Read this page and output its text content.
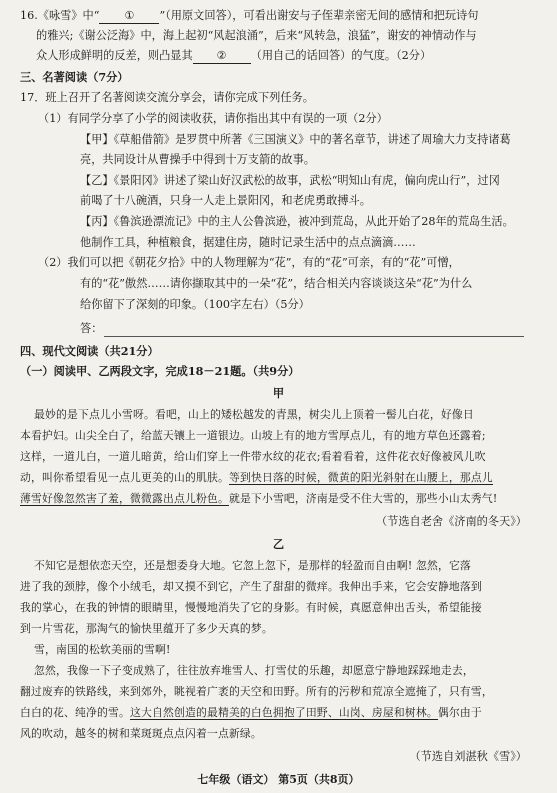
16.《咏雪》中“ ① ”（用原文回答），可看出谢安与子侄辈亲密无间的感情和把玩诗句
的雅兴;《谢公泛海》中，海上起初“风起浪涌”，后来“风转急，浪猛”，谢安的神情动作与
众人形成鲜明的反差，则凸显其 ② （用自己的话回答）的气度。（2分）
三、名著阅读（7分）
17．班上召开了名著阅读交流分享会，请你完成下列任务。
（1）有同学分享了小学的阅读收获，请你指出其中有误的一项（2分）
【甲】《草船借箭》是罗贯中所著《三国演义》中的著名章节，讲述了周瑜大力支持诸葛
亮，共同设计从曹操手中得到十万支箭的故事。
【乙】《景阳冈》讲述了梁山好汉武松的故事，武松“明知山有虎，偏向虎山行”，过冈
前喝了十八碗酒，只身一人走上景阳冈，和老虎勇敢搏斗。
【丙】《鲁滨逊漂流记》中的主人公鲁滨逊，被冲到荒岛，从此开始了28年的荒岛生活。
他制作工具，种植粮食，据建住房，随时记录生活中的点点滴滴……
（2）我们可以把《朝花夕拾》中的人物理解为“花”，有的“花”可亲，有的“花”可憎，
有的“花”傲然……请你撷取其中的一朵“花”，结合相关内容谈谈这朵“花”为什么
给你留下了深刻的印象。（100字左右）（5分）
答：
四、现代文阅读（共21分）
（一）阅读甲、乙两段文字，完成18－21题。（共9分）
甲
最妙的是下点儿小雪呀。看吧，山上的矮松越发的青黑，树尖儿上顶着一髻儿白花，好像日
本看护妇。山尖全白了，给蓝天镶上一道银边。山坡上有的地方雪厚点儿，有的地方草色还露着;
这样，一道儿白，一道儿暗黄，给山们穿上一件带水纹的花衣;看着看着，这件花衣好像被风儿吹
动，叫你希望看见一点儿更美的山的肌肤。等到快日落的时候，微黄的阳光斜射在山腰上，那点儿
薄雪好像忽然害了羞，微微露出点儿粉色。就是下小雪吧，济南是受不住大雪的，那些小山太秀气!
（节选自老舍《济南的冬天》）
乙
不知它是想依恋天空，还是想委身大地。它忽上忽下，是那样的轻盈而自由啊! 忽然，它落
进了我的颈脖，像个小绒毛，却又摸不到它，产生了甜甜的微痒。我伸出手来，它会安静地落到
我的掌心，在我的钟情的眼睛里，慢慢地消失了它的身影。有时候，真愿意伸出舌头，希望能接
到一片雪花，那淘气的愉快里蕴开了多少天真的梦。
雪，南国的松软美丽的雪啊!
忽然，我像一下子变成熟了，往往放弃堆雪人、打雪仗的乐趣，却愿意宁静地踩踩地走去，
翻过废弃的铁路线，来到郊外，眺视着广袤的天空和田野。所有的污秽和荒凉全遮掩了，只有雪，
白白的花、纯净的雪。这大自然创造的最精美的白色拥抱了田野、山岗、房屋和树林。偶尔由于
风的吹动，越冬的树和菜斑斑点点闪着一点新绿。
（节选自刘湛秋《雪》）
七年级（语文） 第5页（共8页）
